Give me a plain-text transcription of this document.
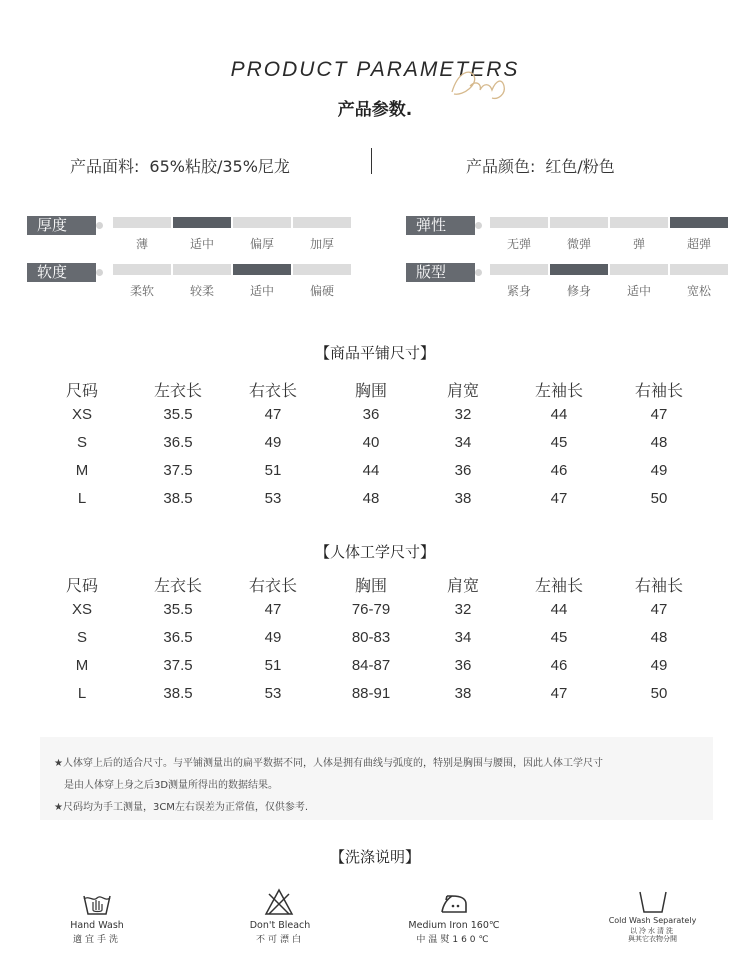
PRODUCT PARAMETERS
产品参数.
产品面料: 65%粘胶/35%尼龙	产品颜色: 红色/粉色
厚度
薄	适中	偏厚	加厚
弹性
无弹	微弹	弹	超弹
软度
柔软	较柔	适中	偏硬
版型
紧身	修身	适中	宽松
【商品平铺尺寸】
尺码	左衣长	右衣长	胸围	肩宽	左袖长	右袖长
XS	35.5	47	36	32	44	47
S	36.5	49	40	34	45	48
M	37.5	51	44	36	46	49
L	38.5	53	48	38	47	50
【人体工学尺寸】
尺码	左衣长	右衣长	胸围	肩宽	左袖长	右袖长
XS	35.5	47	76-79	32	44	47
S	36.5	49	80-83	34	45	48
M	37.5	51	84-87	36	46	49
L	38.5	53	88-91	38	47	50

★人体穿上后的适合尺寸。与平铺测量出的扁平数据不同，人体是拥有曲线与弧度的，特别是胸围与腰围，因此人体工学尺寸

是由人体穿上身之后3D测量所得出的数据结果。

★尺码均为手工测量，3CM左右误差为正常值，仅供参考.

【洗涤说明】
Hand Wash
適宜手洗
Don't Bleach
不可漂白
Medium Iron 160℃
中温熨160℃
Cold Wash Separately
以冷水清洗
與其它衣物分開
